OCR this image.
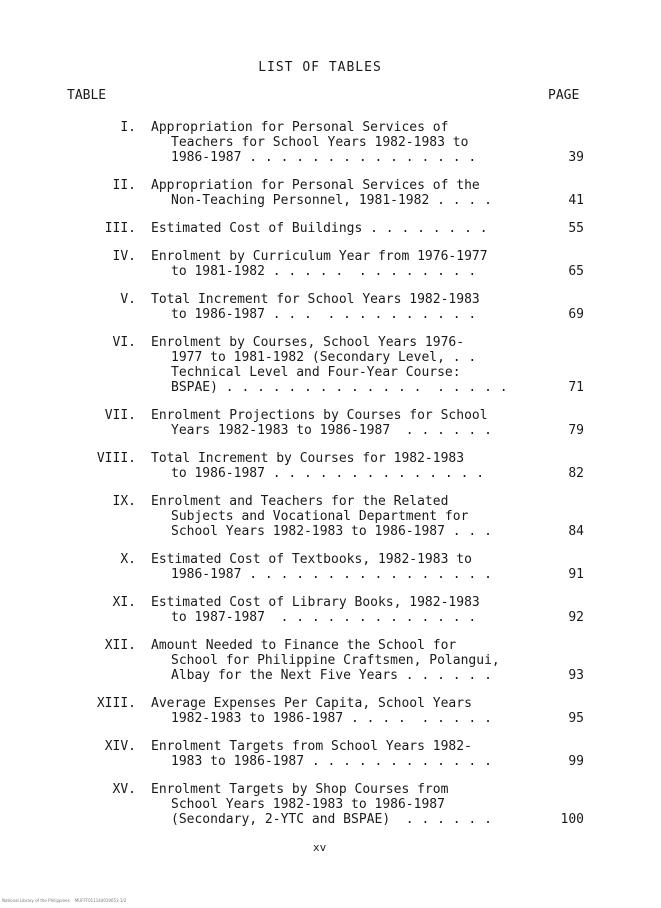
LIST OF TABLES
TABLE	PAGE
I. Appropriation for Personal Services of
Teachers for School Years 1982-1983 to
1986-1987 . . . . . . . . . . . . . . .	39
II. Appropriation for Personal Services of the
Non-Teaching Personnel, 1981-1982 . . . .	41
III. Estimated Cost of Buildings . . . . . . . .	55
IV. Enrolment by Curriculum Year from 1976-1977
to 1981-1982 . . . . .  . . . . . . . .	65
V. Total Increment for School Years 1982-1983
to 1986-1987 . . .  . . . . . . . . . .	69
VI. Enrolment by Courses, School Years 1976-
1977 to 1981-1982 (Secondary Level, . .
Technical Level and Four-Year Course:
BSPAE) . . . . . . . . . . . . .  . . . . .	71
VII. Enrolment Projections by Courses for School
Years 1982-1983 to 1986-1987  . . . . . .	79
VIII. Total Increment by Courses for 1982-1983
to 1986-1987 . . . . . . . . . . . . . .	82
IX. Enrolment and Teachers for the Related
Subjects and Vocational Department for
School Years 1982-1983 to 1986-1987 . . .	84
X. Estimated Cost of Textbooks, 1982-1983 to
1986-1987 . . . . . . . . . . . . . . . .	91
XI. Estimated Cost of Library Books, 1982-1983
to 1987-1987  . . . . . . . . . . . . .	92
XII. Amount Needed to Finance the School for
School for Philippine Craftsmen, Polangui,
Albay for the Next Five Years . . . . . .	93
XIII. Average Expenses Per Capita, School Years
1982-1983 to 1986-1987 . . . .  . . . . .	95
XIV. Enrolment Targets from School Years 1982-
1983 to 1986-1987 . . . . . . . . . . . .	99
XV. Enrolment Targets by Shop Courses from
School Years 1982-1983 to 1986-1987
(Secondary, 2-YTC and BSPAE)  . . . . . .	100
xv
National Library of the Philippines    MUFFF011144010053 1/2
